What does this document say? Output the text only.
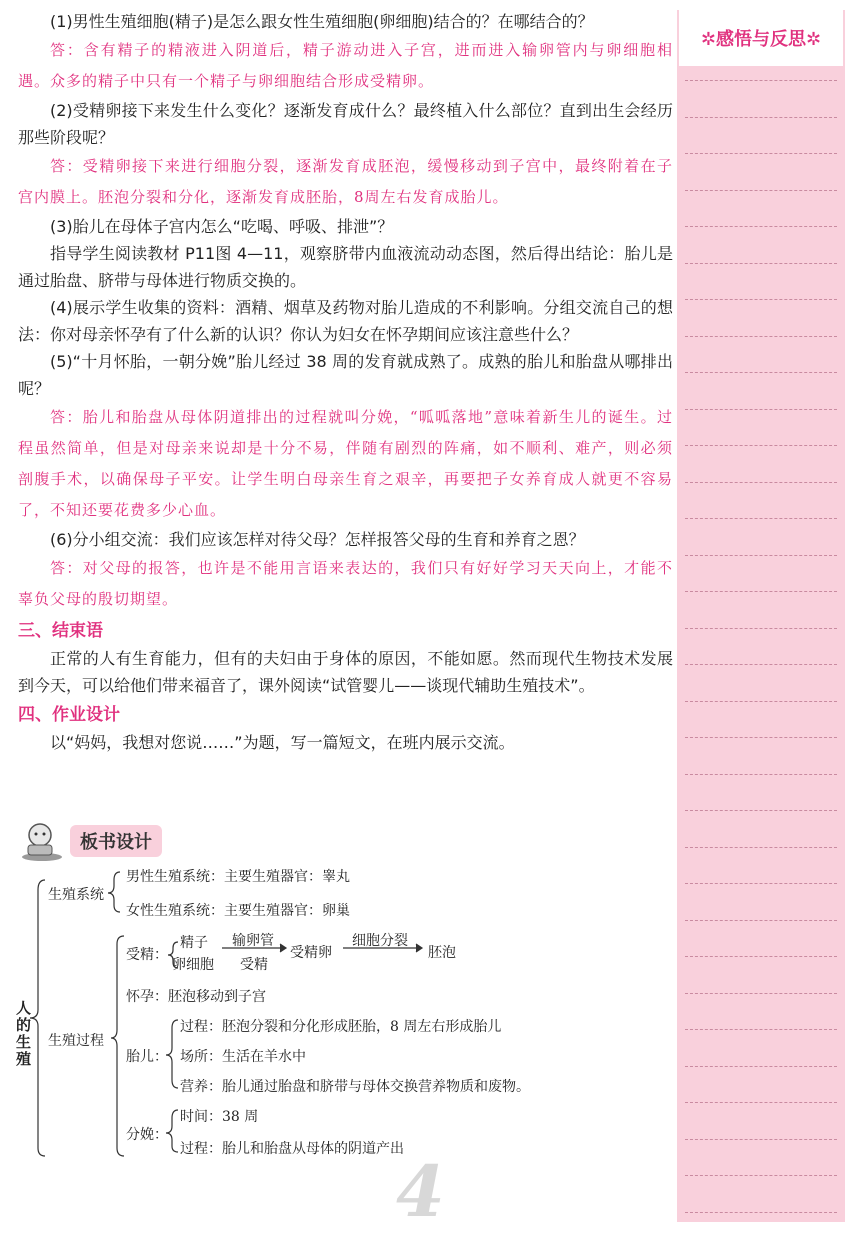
✲感悟与反思✲

(1)男性生殖细胞(精子)是怎么跟女性生殖细胞(卵细胞)结合的？在哪结合的？

答：含有精子的精液进入阴道后，精子游动进入子宫，进而进入输卵管内与卵细胞相遇。众多的精子中只有一个精子与卵细胞结合形成受精卵。

(2)受精卵接下来发生什么变化？逐渐发育成什么？最终植入什么部位？直到出生会经历那些阶段呢？

答：受精卵接下来进行细胞分裂，逐渐发育成胚泡，缓慢移动到子宫中，最终附着在子宫内膜上。胚泡分裂和分化，逐渐发育成胚胎，8周左右发育成胎儿。

(3)胎儿在母体子宫内怎么“吃喝、呼吸、排泄”？

指导学生阅读教材 P11图 4—11，观察脐带内血液流动动态图，然后得出结论：胎儿是通过胎盘、脐带与母体进行物质交换的。

(4)展示学生收集的资料：酒精、烟草及药物对胎儿造成的不利影响。分组交流自己的想法：你对母亲怀孕有了什么新的认识？你认为妇女在怀孕期间应该注意些什么？

(5)“十月怀胎，一朝分娩”胎儿经过 38 周的发育就成熟了。成熟的胎儿和胎盘从哪排出呢？

答：胎儿和胎盘从母体阴道排出的过程就叫分娩，“呱呱落地”意味着新生儿的诞生。过程虽然简单，但是对母亲来说却是十分不易，伴随有剧烈的阵痛，如不顺利、难产，则必须剖腹手术，以确保母子平安。让学生明白母亲生育之艰辛，再要把子女养育成人就更不容易了，不知还要花费多少心血。

(6)分小组交流：我们应该怎样对待父母？怎样报答父母的生育和养育之恩？

答：对父母的报答，也许是不能用言语来表达的，我们只有好好学习天天向上，才能不辜负父母的殷切期望。

三、结束语

正常的人有生育能力，但有的夫妇由于身体的原因，不能如愿。然而现代生物技术发展到今天，可以给他们带来福音了，课外阅读“试管婴儿——谈现代辅助生殖技术”。

四、作业设计

以“妈妈，我想对您说……”为题，写一篇短文，在班内展示交流。

板书设计
人的生殖
生殖系统
男性生殖系统：主要生殖器官：睾丸
女性生殖系统：主要生殖器官：卵巢
生殖过程
受精：
精子
卵细胞
输卵管
受精
受精卵
细胞分裂
胚泡
怀孕：胚泡移动到子宫
胎儿：
过程：胚泡分裂和分化形成胚胎，8 周左右形成胎儿
场所：生活在羊水中
营养：胎儿通过胎盘和脐带与母体交换营养物质和废物。
分娩：
时间：38 周
过程：胎儿和胎盘从母体的阴道产出
4
